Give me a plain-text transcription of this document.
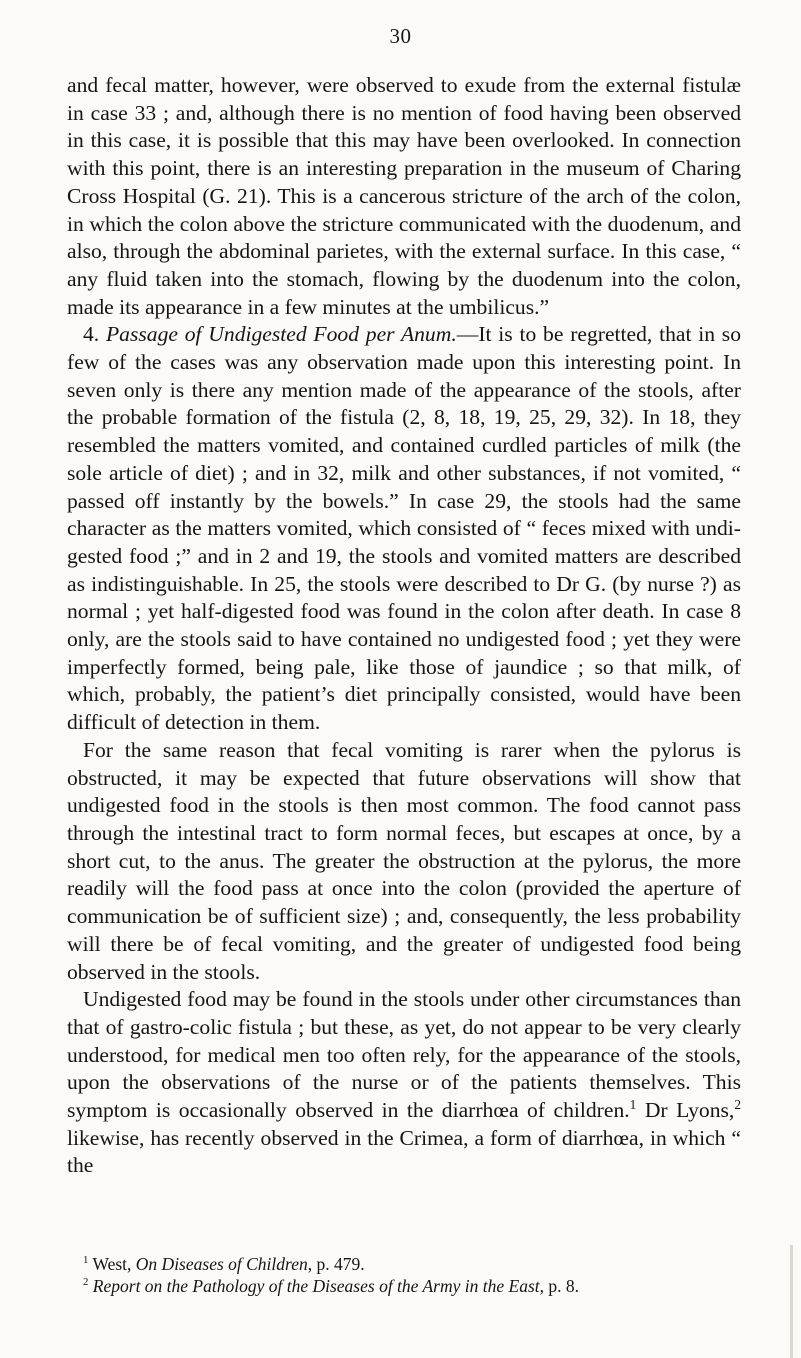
30

and fecal matter, however, were observed to exude from the external fistulæ in case 33 ; and, although there is no mention of food having been observed in this case, it is possible that this may have been overlooked. In connection with this point, there is an interesting preparation in the museum of Charing Cross Hospital (G. 21). This is a cancerous stricture of the arch of the colon, in which the colon above the stricture communicated with the duodenum, and also, through the abdominal parietes, with the external surface. In this case, “ any fluid taken into the stomach, flowing by the duodenum into the colon, made its appearance in a few minutes at the umbilicus.”

4. Passage of Undigested Food per Anum.—It is to be regretted, that in so few of the cases was any observation made upon this interesting point. In seven only is there any mention made of the appearance of the stools, after the probable formation of the fistula (2, 8, 18, 19, 25, 29, 32). In 18, they resembled the matters vomited, and contained curdled particles of milk (the sole article of diet) ; and in 32, milk and other substances, if not vomited, “ passed off instantly by the bowels.” In case 29, the stools had the same character as the matters vomited, which consisted of “ feces mixed with undigested food ;” and in 2 and 19, the stools and vomited matters are described as indistinguishable. In 25, the stools were described to Dr G. (by nurse ?) as normal ; yet half-digested food was found in the colon after death. In case 8 only, are the stools said to have contained no undigested food ; yet they were imperfectly formed, being pale, like those of jaundice ; so that milk, of which, probably, the patient’s diet principally consisted, would have been difficult of detection in them.

For the same reason that fecal vomiting is rarer when the pylorus is obstructed, it may be expected that future observations will show that undigested food in the stools is then most common. The food cannot pass through the intestinal tract to form normal feces, but escapes at once, by a short cut, to the anus. The greater the obstruction at the pylorus, the more readily will the food pass at once into the colon (provided the aperture of communication be of sufficient size) ; and, consequently, the less probability will there be of fecal vomiting, and the greater of undigested food being observed in the stools.

Undigested food may be found in the stools under other circumstances than that of gastro-colic fistula ; but these, as yet, do not appear to be very clearly understood, for medical men too often rely, for the appearance of the stools, upon the observations of the nurse or of the patients themselves. This symptom is occasionally observed in the diarrhœa of children.$^1$ Dr Lyons,$^2$ likewise, has recently observed in the Crimea, a form of diarrhœa, in which “ the

$^1$ West, On Diseases of Children, p. 479.

$^2$ Report on the Pathology of the Diseases of the Army in the East, p. 8.
